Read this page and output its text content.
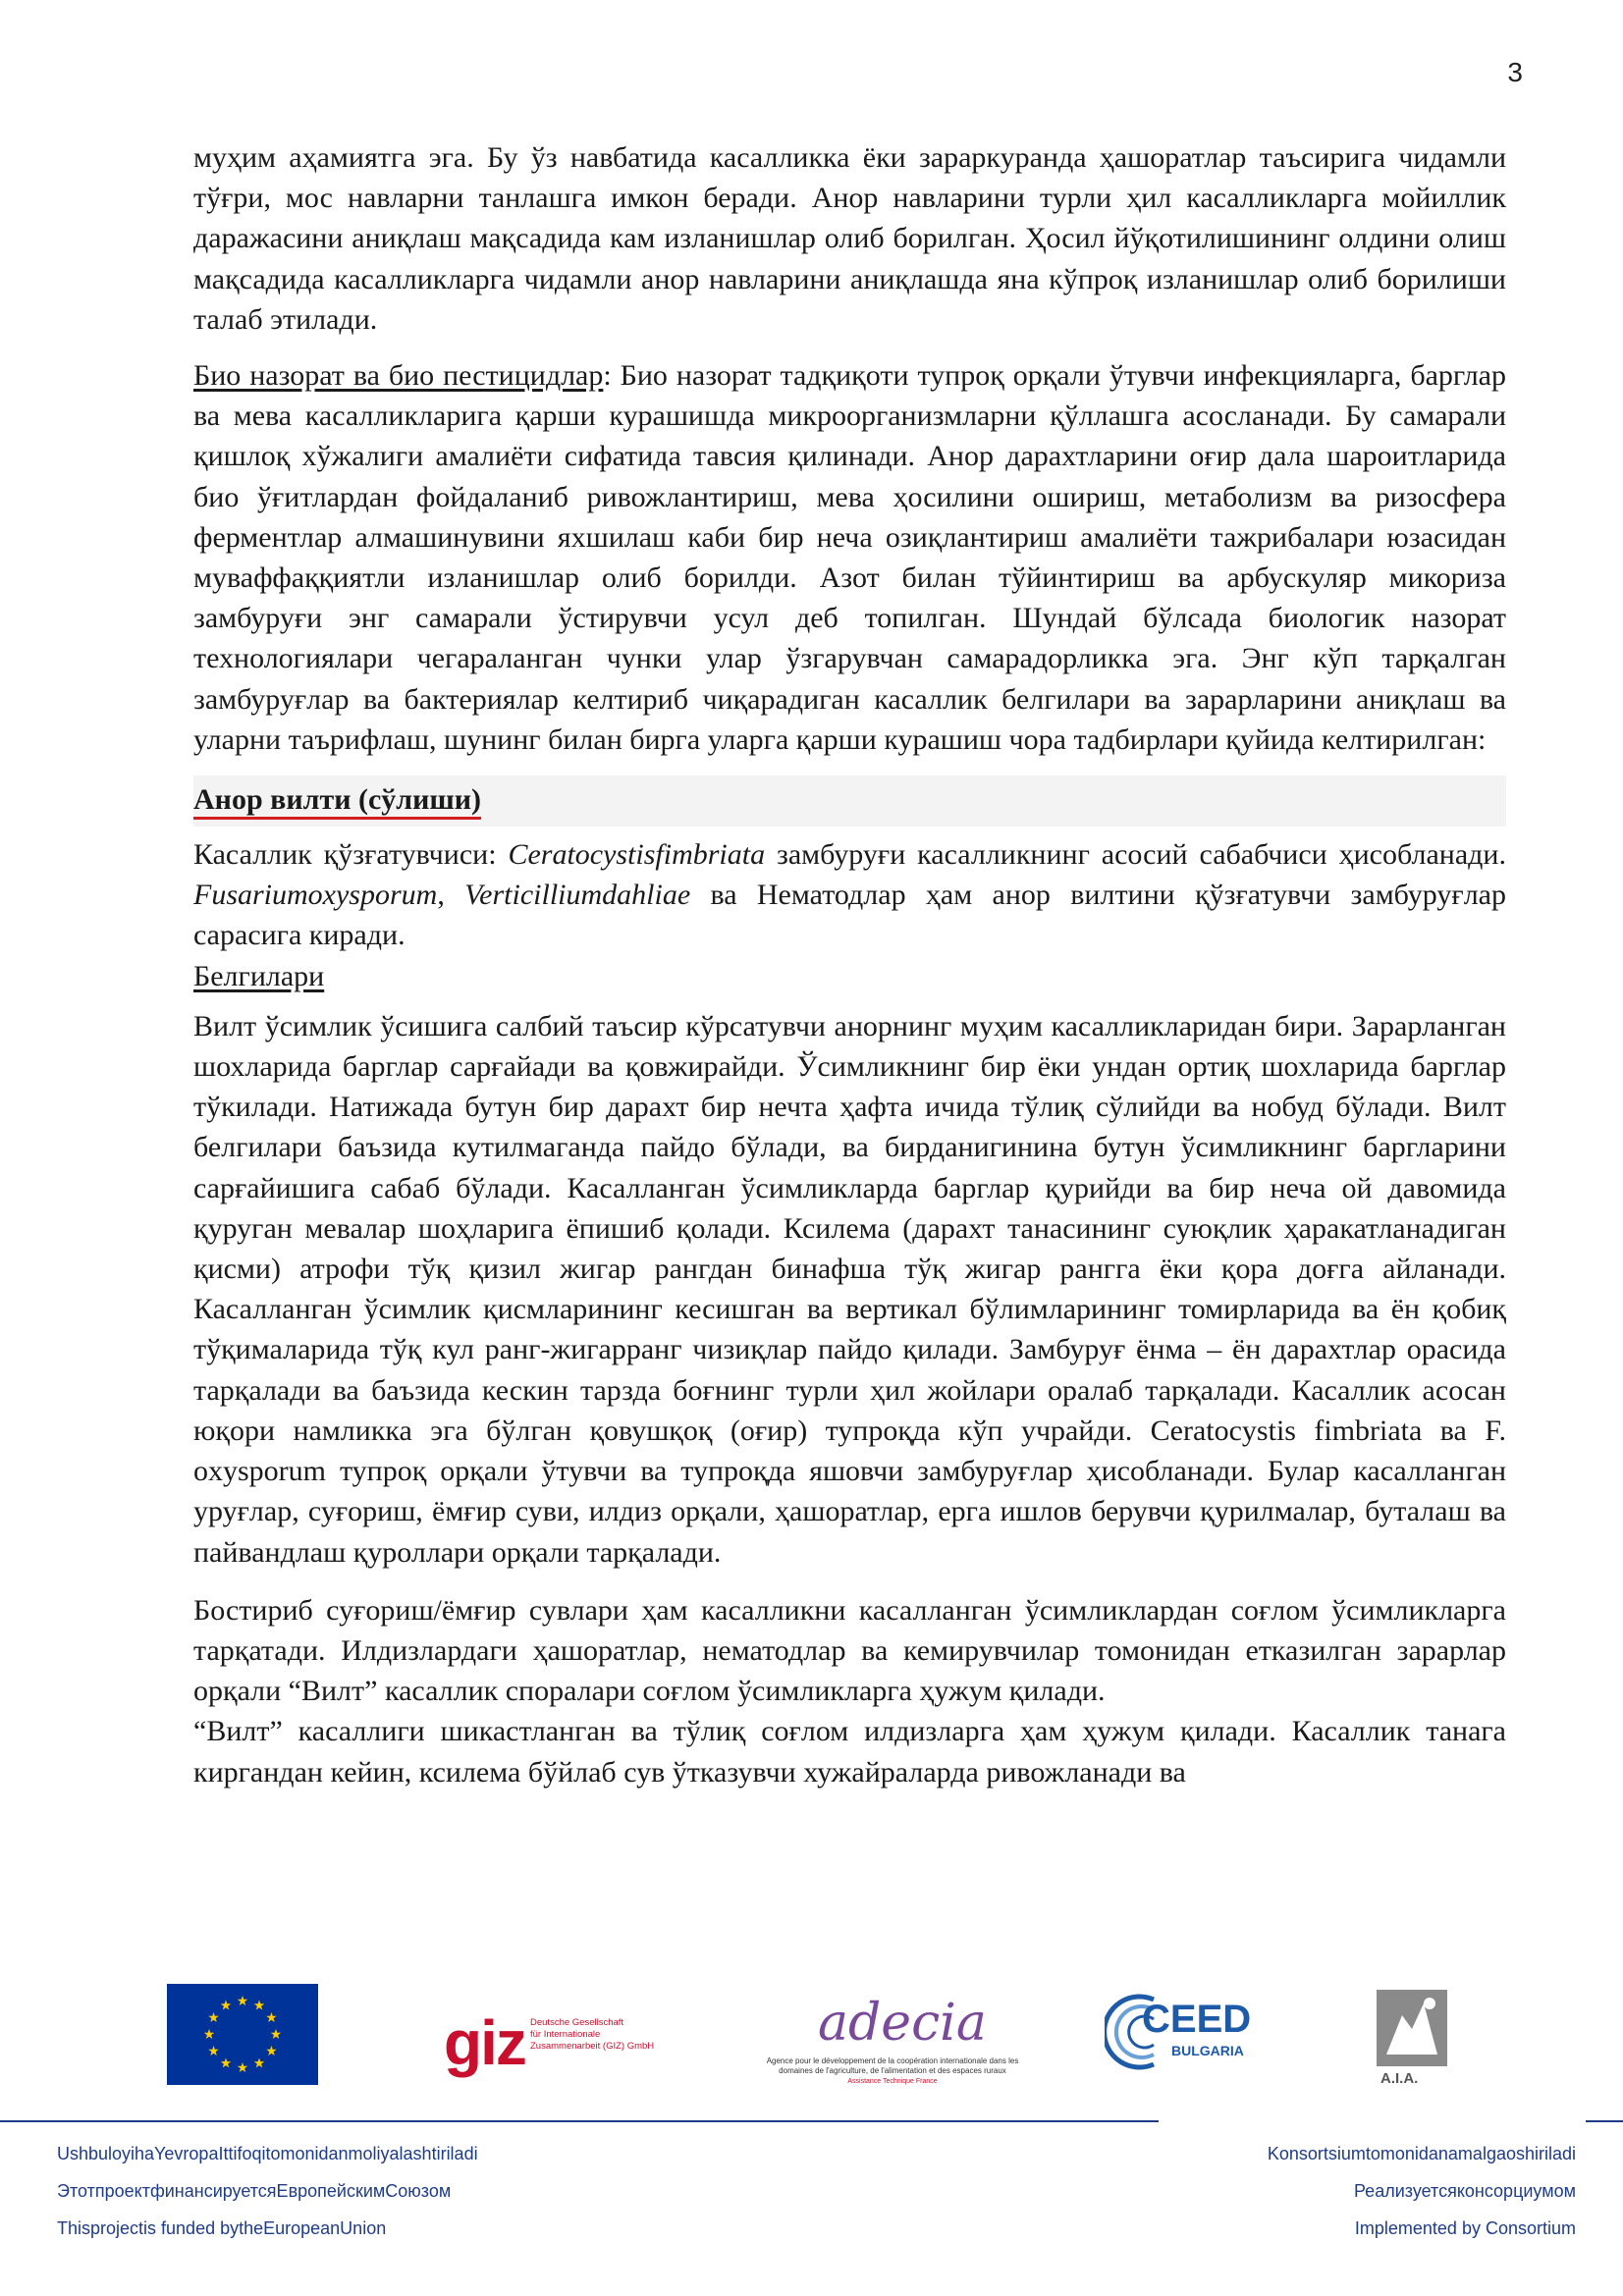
3

муҳим аҳамиятга эга. Бу ўз навбатида касалликка ёки зараркуранда ҳашоратлар таъсирига чидамли тўғри, мос навларни танлашга имкон беради. Анор навларини турли ҳил касалликларга мойиллик даражасини аниқлаш мақсадида кам изланишлар олиб борилган. Ҳосил йўқотилишининг олдини олиш мақсадида касалликларга чидамли анор навларини аниқлашда яна кўпроқ изланишлар олиб борилиши талаб этилади.

Био назорат ва био пестицидлар: Био назорат тадқиқоти тупроқ орқали ўтувчи инфекцияларга, барглар ва мева касалликларига қарши курашишда микроорганизмларни қўллашга асосланади. Бу самарали қишлоқ хўжалиги амалиёти сифатида тавсия қилинади. Анор дарахтларини оғир дала шароитларида био ўғитлардан фойдаланиб ривожлантириш, мева ҳосилини ошириш, метаболизм ва ризосфера ферментлар алмашинувини яхшилаш каби бир неча озиқлантириш амалиёти тажрибалари юзасидан муваффаққиятли изланишлар олиб борилди. Азот билан тўйинтириш ва арбускуляр микориза замбуруғи энг самарали ўстирувчи усул деб топилган. Шундай бўлсада биологик назорат технологиялари чегараланган чунки улар ўзгарувчан самарадорликка эга. Энг кўп тарқалган замбуруғлар ва бактериялар келтириб чиқарадиган касаллик белгилари ва зарарларини аниқлаш ва уларни таърифлаш, шунинг билан бирга уларга қарши курашиш чора тадбирлари қуйида келтирилган:

Анор вилти (сўлиши)

Касаллик қўзғатувчиси: Ceratocystisfimbriata замбуруғи касалликнинг асосий сабабчиси ҳисобланади. Fusariumoxysporum, Verticilliumdahliae ва Нематодлар ҳам анор вилтини қўзғатувчи замбуруғлар сарасига киради.

Белгилари

Вилт ўсимлик ўсишига салбий таъсир кўрсатувчи анорнинг муҳим касалликларидан бири. Зарарланган шохларида барглар сарғайади ва қовжирайди. Ўсимликнинг бир ёки ундан ортиқ шохларида барглар тўкилади. Натижада бутун бир дарахт бир нечта ҳафта ичида тўлиқ сўлийди ва нобуд бўлади. Вилт белгилари баъзида кутилмаганда пайдо бўлади, ва бирданигинина бутун ўсимликнинг баргларини сарғайишига сабаб бўлади. Касалланган ўсимликларда барглар қурийди ва бир неча ой давомида қуруган мевалар шоҳларига ёпишиб қолади. Ксилема (дарахт танасининг суюқлик ҳаракатланадиган қисми) атрофи тўқ қизил жигар рангдан бинафша тўқ жигар рангга ёки қора доғга айланади. Касалланган ўсимлик қисмларининг кесишган ва вертикал бўлимларининг томирларида ва ён қобиқ тўқималарида тўқ кул ранг-жигарранг чизиқлар пайдо қилади. Замбуруғ ёнма – ён дарахтлар орасида тарқалади ва баъзида кескин тарзда боғнинг турли ҳил жойлари оралаб тарқалади. Касаллик асосан юқори намликка эга бўлган қовушқоқ (оғир) тупроқда кўп учрайди. Ceratocystis fimbriata ва F. oxysporum тупроқ орқали ўтувчи ва тупроқда яшовчи замбуруғлар ҳисобланади. Булар касалланган уруғлар, суғориш, ёмғир суви, илдиз орқали, ҳашоратлар, ерга ишлов берувчи қурилмалар, буталаш ва пайвандлаш қуроллари орқали тарқалади.

Бостириб суғориш/ёмғир сувлари ҳам касалликни касалланган ўсимликлардан соғлом ўсимликларга тарқатади. Илдизлардаги ҳашоратлар, нематодлар ва кемирувчилар томонидан етказилган зарарлар орқали “Вилт” касаллик споралари соғлом ўсимликларга ҳужум қилади.

“Вилт” касаллиги шикастланган ва тўлиқ соғлом илдизларга ҳам ҳужум қилади. Касаллик танага киргандан кейин, ксилема бўйлаб сув ўтказувчи хужайраларда ривожланади ва

giz Deutsche Gesellschaft
für Internationale
Zusammenarbeit (GIZ) GmbH	adecia
Agence pour le développement de la coopération internationale dans les domaines de l'agriculture, de l'alimentation et des espaces ruraux
Assistance Technique France
CEED
BULGARIA
A.I.A.
UshbuloyihaYevropaIttifoqitomonidanmoliyalashtiriladi
ЭтотпроектфинансируетсяЕвропейскимСоюзом
Thisprojectis funded bytheEuropeanUnion
Konsortsiumtomonidanamalgaoshiriladi
Реализуетсяконсорциумом
Implemented by Consortium
